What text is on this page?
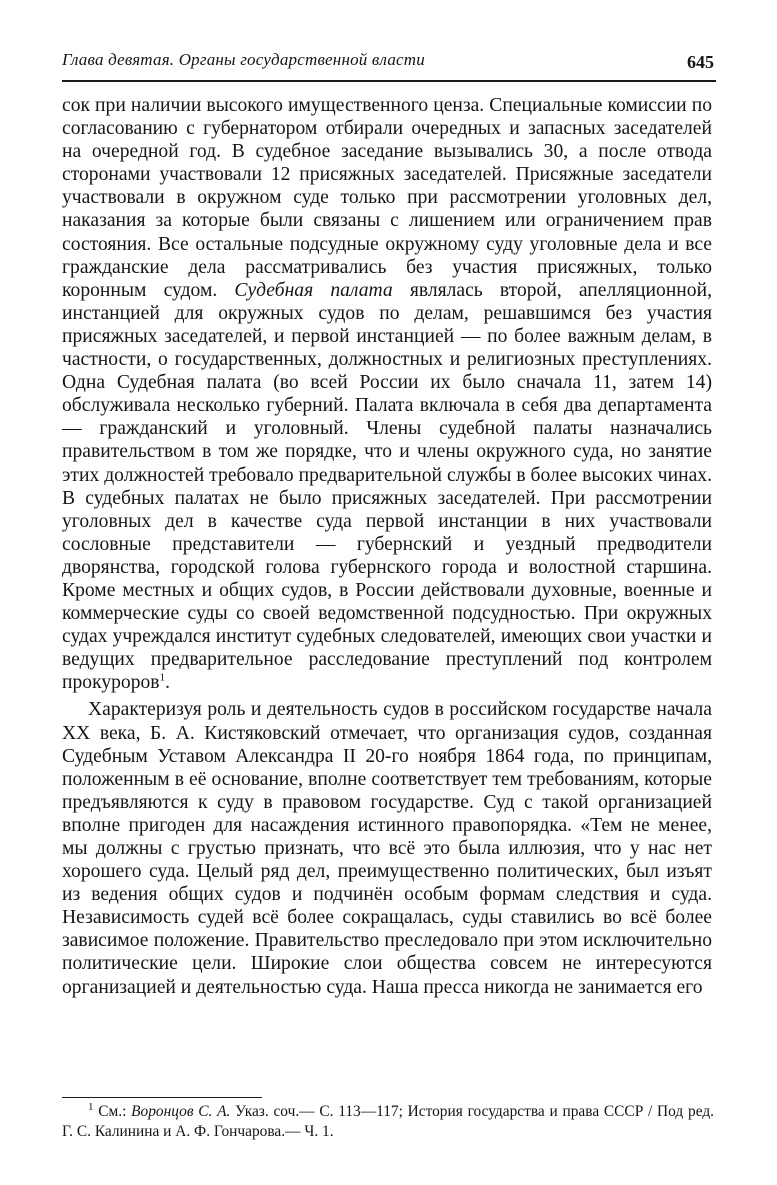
Глава девятая. Органы государственной власти	645

сок при наличии высокого имущественного ценза. Специальные комиссии по согласованию с губернатором отбирали очередных и запасных заседателей на очередной год. В судебное заседание вызывались 30, а после отвода сторонами участвовали 12 присяжных заседателей. Присяжные заседатели участвовали в окружном суде только при рассмотрении уголовных дел, наказания за которые были связаны с лишением или ограничением прав состояния. Все остальные подсудные окружному суду уголовные дела и все гражданские дела рассматривались без участия присяжных, только коронным судом. Судебная палата являлась второй, апелляционной, инстанцией для окружных судов по делам, решавшимся без участия присяжных заседателей, и первой инстанцией — по более важным делам, в частности, о государственных, должностных и религиозных преступлениях. Одна Судебная палата (во всей России их было сначала 11, затем 14) обслуживала несколько губерний. Палата включала в себя два департамента — гражданский и уголовный. Члены судебной палаты назначались правительством в том же порядке, что и члены окружного суда, но занятие этих должностей требовало предварительной службы в более высоких чинах. В судебных палатах не было присяжных заседателей. При рассмотрении уголовных дел в качестве суда первой инстанции в них участвовали сословные представители — губернский и уездный предводители дворянства, городской голова губернского города и волостной старшина. Кроме местных и общих судов, в России действовали духовные, военные и коммерческие суды со своей ведомственной подсудностью. При окружных судах учреждался институт судебных следователей, имеющих свои участки и ведущих предварительное расследование преступлений под контролем прокуроров$^1$.

Характеризуя роль и деятельность судов в российском государстве начала XX века, Б. А. Кистяковский отмечает, что организация судов, созданная Судебным Уставом Александра II 20-го ноября 1864 года, по принципам, положенным в её основание, вполне соответствует тем требованиям, которые предъявляются к суду в правовом государстве. Суд с такой организацией вполне пригоден для насаждения истинного правопорядка. «Тем не менее, мы должны с грустью признать, что всё это была иллюзия, что у нас нет хорошего суда. Целый ряд дел, преимущественно политических, был изъят из ведения общих судов и подчинён особым формам следствия и суда. Независимость судей всё более сокращалась, суды ставились во всё более зависимое положение. Правительство преследовало при этом исключительно политические цели. Широкие слои общества совсем не интересуются организацией и деятельностью суда. Наша пресса никогда не занимается его

$^1$ См.: Воронцов С. А. Указ. соч.— С. 113—117; История государства и права СССР / Под ред. Г. С. Калинина и А. Ф. Гончарова.— Ч. 1.
